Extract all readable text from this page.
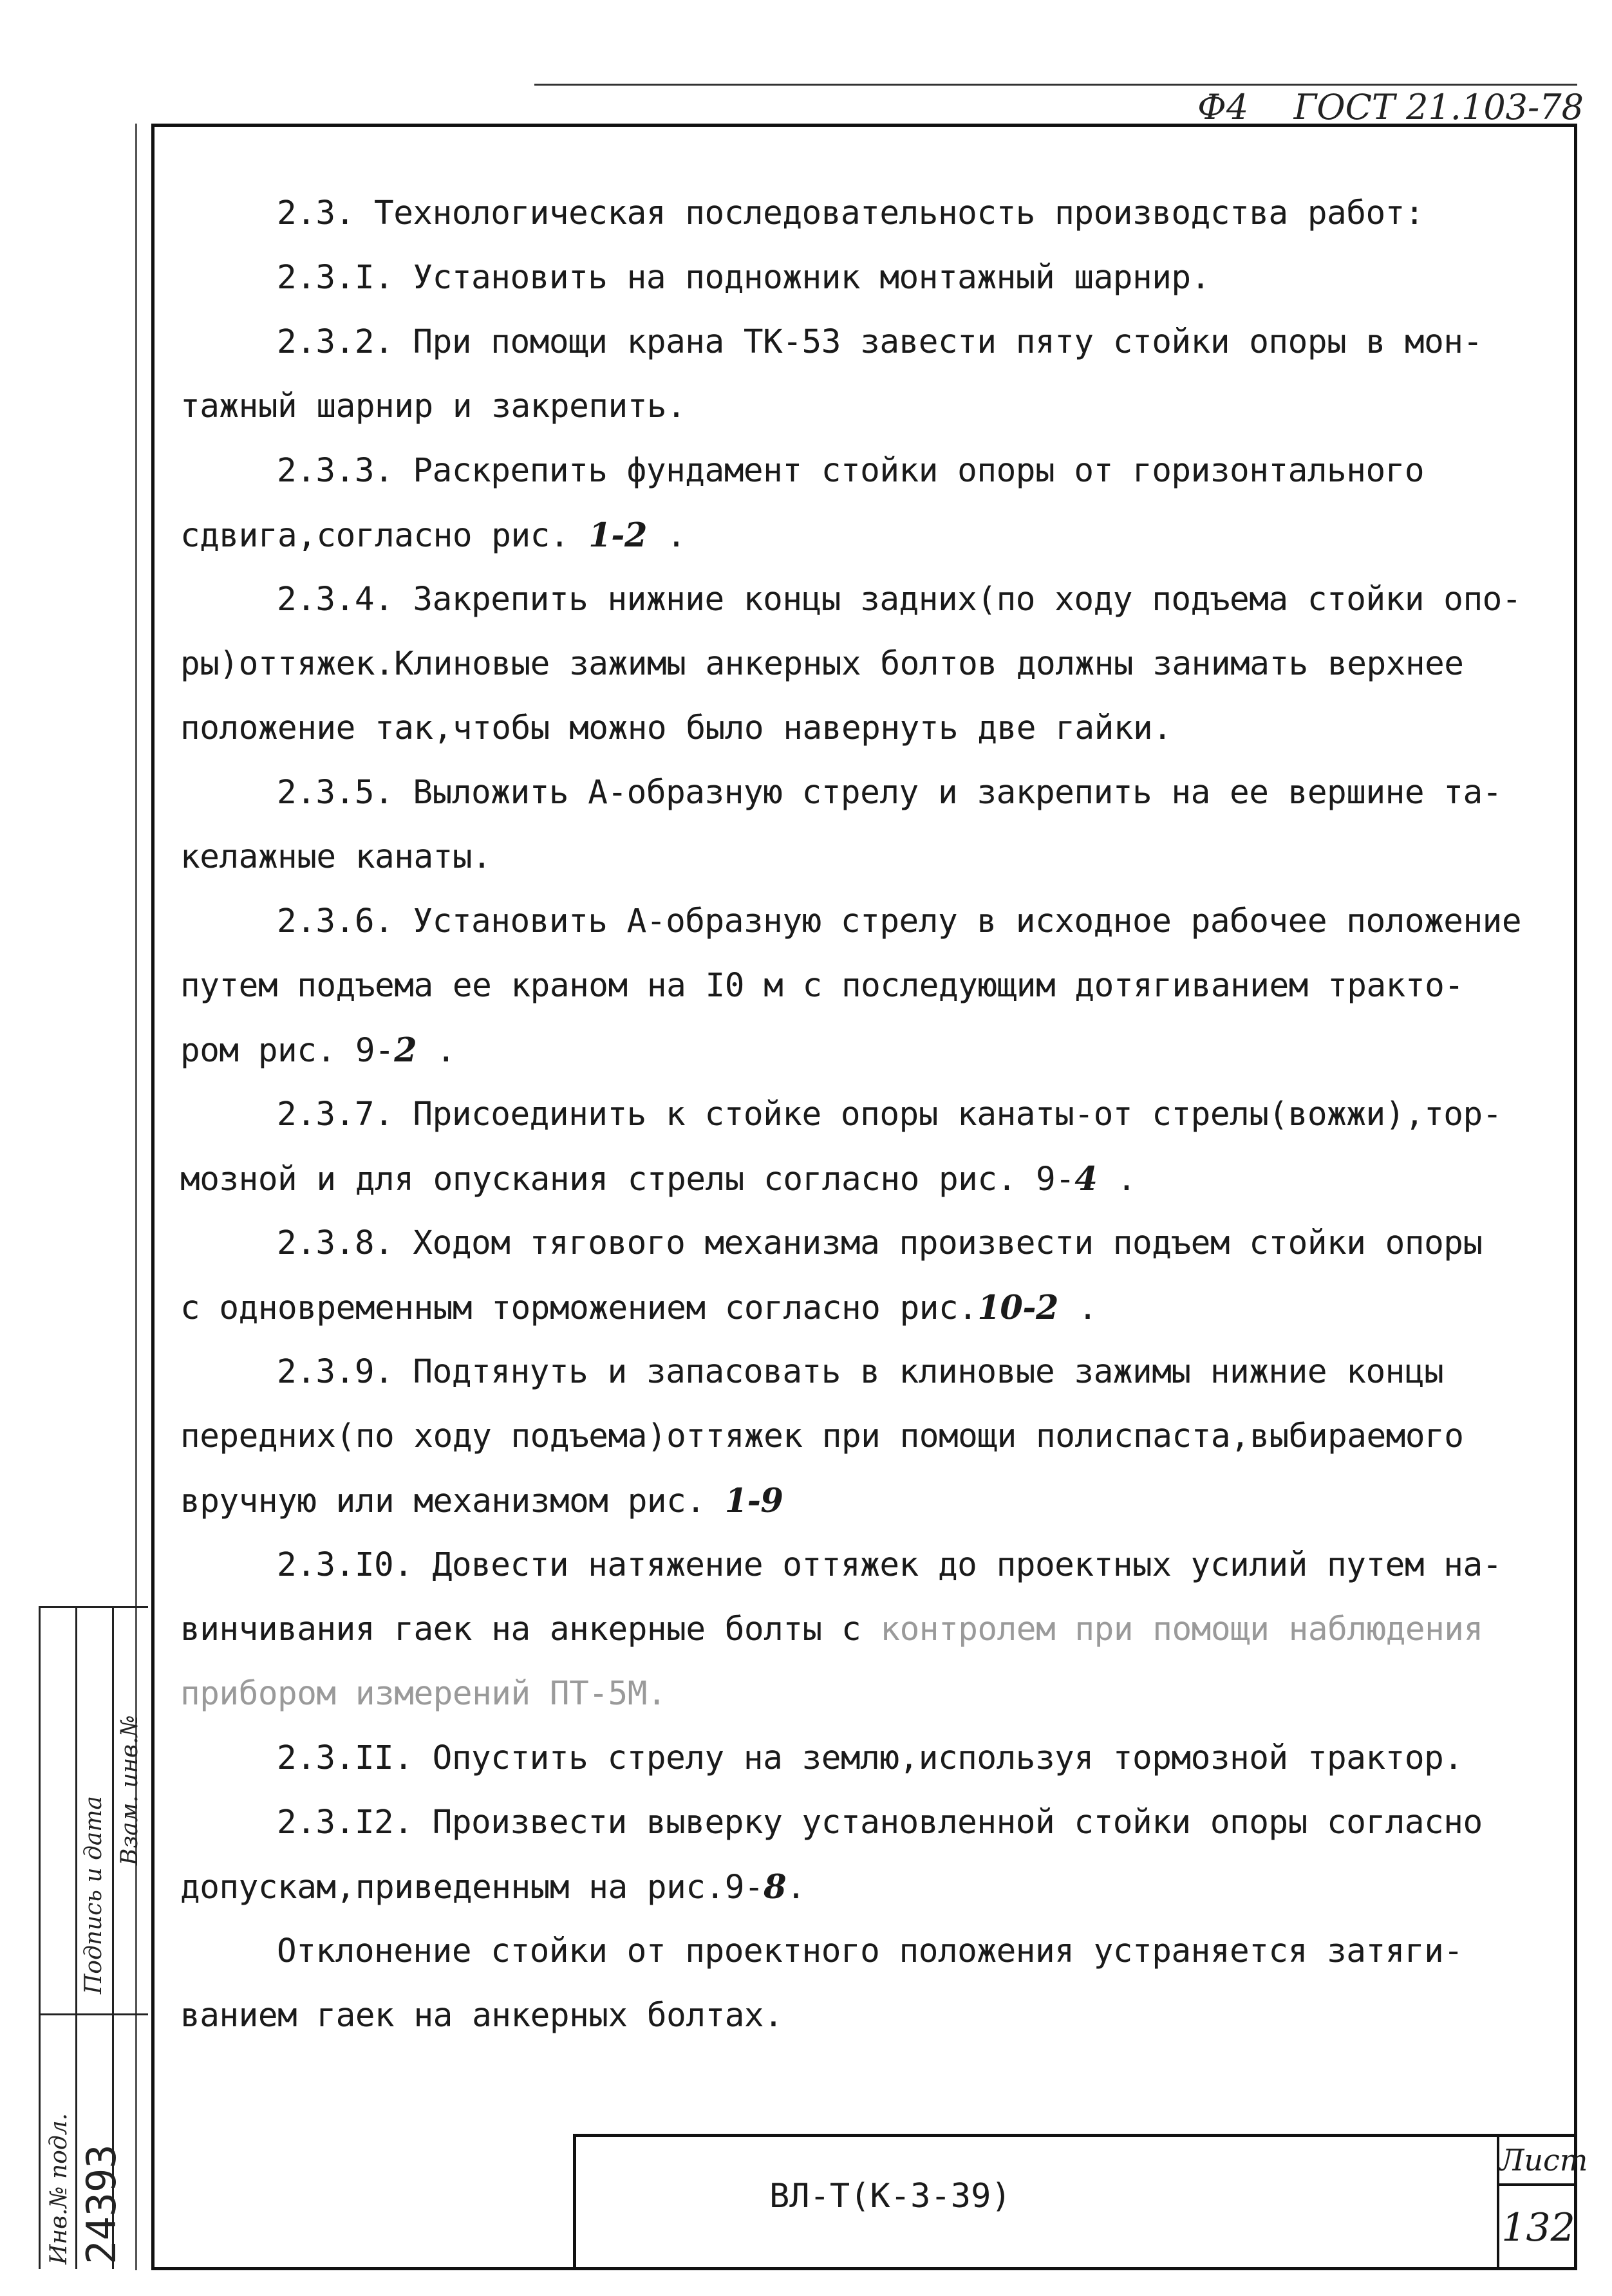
Ф4 ГОСТ 21.103-78
2.3. Технологическая последовательность производства работ:
2.3.I. Установить на подножник монтажный шарнир.
2.3.2. При помощи крана ТК-53 завести пяту стойки опоры в мон-
тажный шарнир и закрепить.
2.3.3. Раскрепить фундамент стойки опоры от горизонтального
сдвига,согласно рис. 1-2 .
2.3.4. Закрепить нижние концы задних(по ходу подъема стойки опо-
ры)оттяжек.Клиновые зажимы анкерных болтов должны занимать верхнее
положение так,чтобы можно было навернуть две гайки.
2.3.5. Выложить А-образную стрелу и закрепить на ее вершине та-
келажные канаты.
2.3.6. Установить А-образную стрелу в исходное рабочее положение
путем подъема ее краном на I0 м с последующим дотягиванием тракто-
ром рис. 9-2 .
2.3.7. Присоединить к стойке опоры канаты-от стрелы(вожжи),тор-
мозной и для опускания стрелы согласно рис. 9-4 .
2.3.8. Ходом тягового механизма произвести подъем стойки опоры
с одновременным торможением согласно рис.10-2 .
2.3.9. Подтянуть и запасовать в клиновые зажимы нижние концы
передних(по ходу подъема)оттяжек при помощи полиспаста,выбираемого
вручную или механизмом рис. 1-9
2.3.I0. Довести натяжение оттяжек до проектных усилий путем на-
винчивания гаек на анкерные болты с контролем при помощи наблюдения
прибором измерений ПТ-5М.
2.3.II. Опустить стрелу на землю,используя тормозной трактор.
2.3.I2. Произвести выверку установленной стойки опоры согласно
допускам,приведенным на рис.9-8.
Отклонение стойки от проектного положения устраняется затяги-
ванием гаек на анкерных болтах.
Инв.№ подл. 24393
Подпись и дата
Взам. инв.№
ВЛ-Т(К-3-39)
Лист
132
